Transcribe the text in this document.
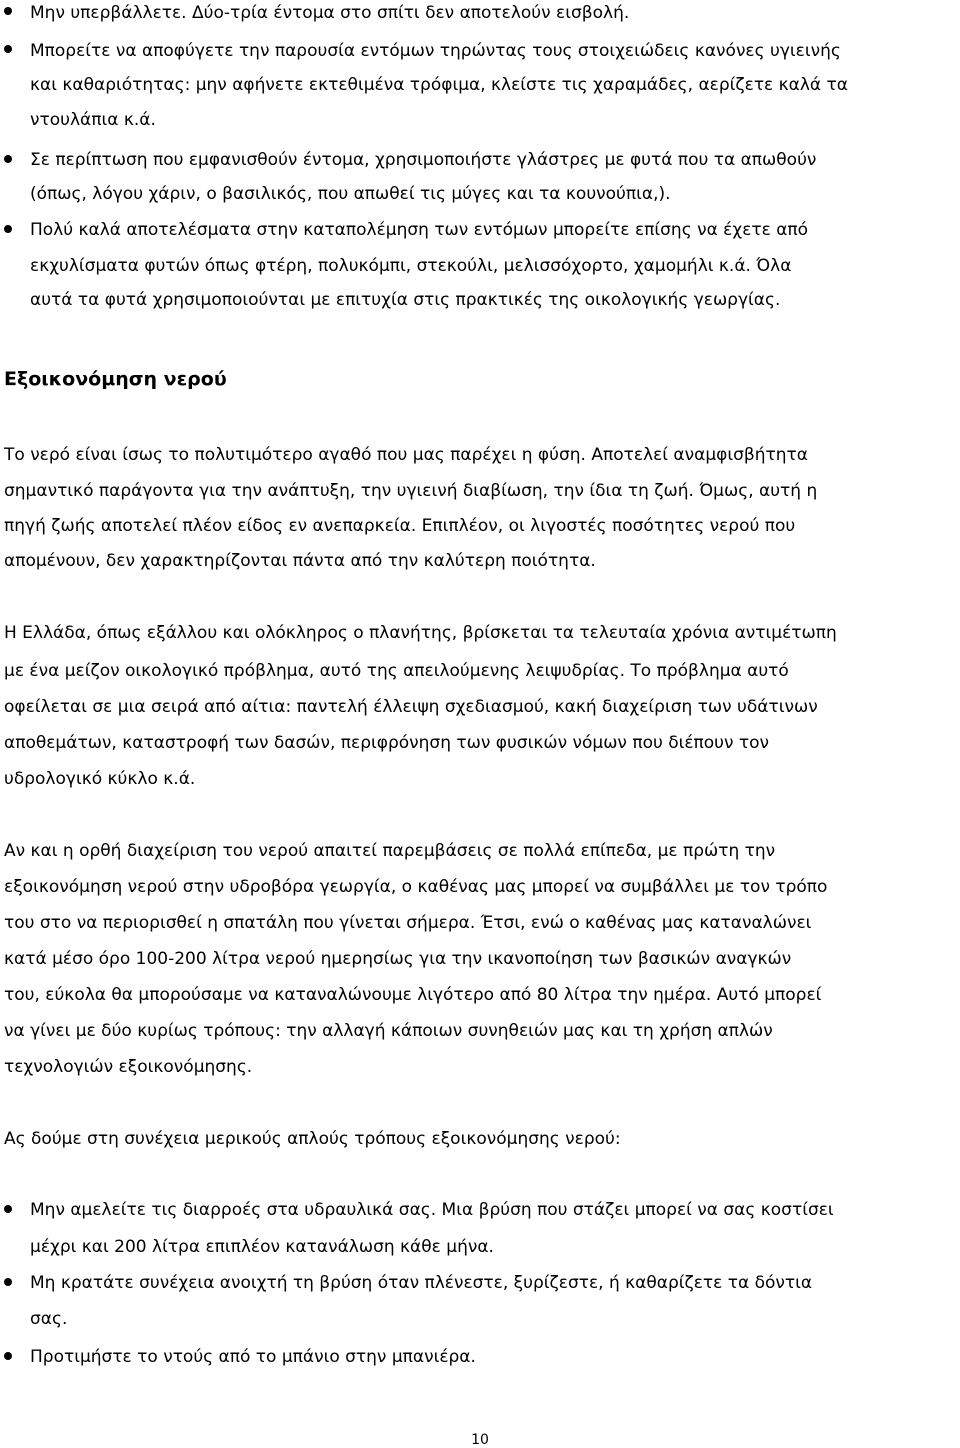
Μην υπερβάλλετε. Δύο-τρία έντομα στο σπίτι δεν αποτελούν εισβολή.
Μπορείτε να αποφύγετε την παρουσία εντόμων τηρώντας τους στοιχειώδεις κανόνες υγιεινής
και καθαριότητας: μην αφήνετε εκτεθιμένα τρόφιμα, κλείστε τις χαραμάδες, αερίζετε καλά τα
ντουλάπια κ.ά.
Σε περίπτωση που εμφανισθούν έντομα, χρησιμοποιήστε γλάστρες με φυτά που τα απωθούν
(όπως, λόγου χάριν, ο βασιλικός, που απωθεί τις μύγες και τα κουνούπια,).
Πολύ καλά αποτελέσματα στην καταπολέμηση των εντόμων μπορείτε επίσης να έχετε από
εκχυλίσματα φυτών όπως φτέρη, πολυκόμπι, στεκούλι, μελισσόχορτο, χαμομήλι κ.ά. Όλα
αυτά τα φυτά χρησιμοποιούνται με επιτυχία στις πρακτικές της οικολογικής γεωργίας.
Εξοικονόμηση νερού
Το νερό είναι ίσως το πολυτιμότερο αγαθό που μας παρέχει η φύση. Αποτελεί αναμφισβήτητα
σημαντικό παράγοντα για την ανάπτυξη, την υγιεινή διαβίωση, την ίδια τη ζωή. Όμως, αυτή η
πηγή ζωής αποτελεί πλέον είδος εν ανεπαρκεία. Επιπλέον, οι λιγοστές ποσότητες νερού που
απομένουν, δεν χαρακτηρίζονται πάντα από την καλύτερη ποιότητα.
Η Ελλάδα, όπως εξάλλου και ολόκληρος ο πλανήτης, βρίσκεται τα τελευταία χρόνια αντιμέτωπη
με ένα μείζον οικολογικό πρόβλημα, αυτό της απειλούμενης λειψυδρίας. Το πρόβλημα αυτό
οφείλεται σε μια σειρά από αίτια: παντελή έλλειψη σχεδιασμού, κακή διαχείριση των υδάτινων
αποθεμάτων, καταστροφή των δασών, περιφρόνηση των φυσικών νόμων που διέπουν τον
υδρολογικό κύκλο κ.ά.
Αν και η ορθή διαχείριση του νερού απαιτεί παρεμβάσεις σε πολλά επίπεδα, με πρώτη την
εξοικονόμηση νερού στην υδροβόρα γεωργία, ο καθένας μας μπορεί να συμβάλλει με τον τρόπο
του στο να περιορισθεί η σπατάλη που γίνεται σήμερα. Έτσι, ενώ ο καθένας μας καταναλώνει
κατά μέσο όρο 100-200 λίτρα νερού ημερησίως για την ικανοποίηση των βασικών αναγκών
του, εύκολα θα μπορούσαμε να καταναλώνουμε λιγότερο από 80 λίτρα την ημέρα. Αυτό μπορεί
να γίνει με δύο κυρίως τρόπους: την αλλαγή κάποιων συνηθειών μας και τη χρήση απλών
τεχνολογιών εξοικονόμησης.
Ας δούμε στη συνέχεια μερικούς απλούς τρόπους εξοικονόμησης νερού:
Μην αμελείτε τις διαρροές στα υδραυλικά σας. Μια βρύση που στάζει μπορεί να σας κοστίσει
μέχρι και 200 λίτρα επιπλέον κατανάλωση κάθε μήνα.
Μη κρατάτε συνέχεια ανοιχτή τη βρύση όταν πλένεστε, ξυρίζεστε, ή καθαρίζετε τα δόντια
σας.
Προτιμήστε το ντούς από το μπάνιο στην μπανιέρα.
10
